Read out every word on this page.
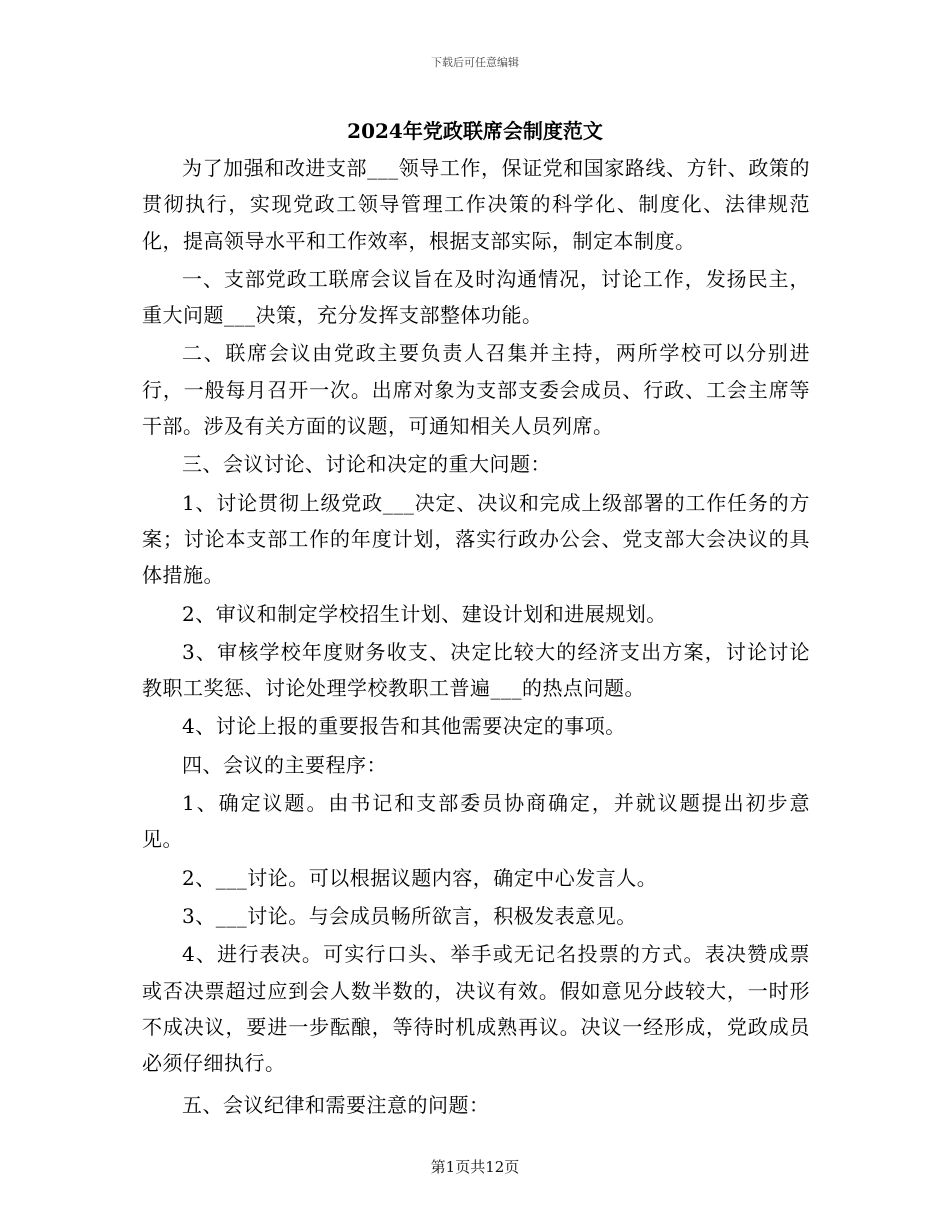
下载后可任意编辑
2024年党政联席会制度范文

为了加强和改进支部___领导工作，保证党和国家路线、方针、政策的贯彻执行，实现党政工领导管理工作决策的科学化、制度化、法律规范化，提高领导水平和工作效率，根据支部实际，制定本制度。

一、支部党政工联席会议旨在及时沟通情况，讨论工作，发扬民主，重大问题___决策，充分发挥支部整体功能。

二、联席会议由党政主要负责人召集并主持，两所学校可以分别进行，一般每月召开一次。出席对象为支部支委会成员、行政、工会主席等干部。涉及有关方面的议题，可通知相关人员列席。

三、会议讨论、讨论和决定的重大问题：

1、讨论贯彻上级党政___决定、决议和完成上级部署的工作任务的方案；讨论本支部工作的年度计划，落实行政办公会、党支部大会决议的具体措施。

2、审议和制定学校招生计划、建设计划和进展规划。

3、审核学校年度财务收支、决定比较大的经济支出方案，讨论讨论教职工奖惩、讨论处理学校教职工普遍___的热点问题。

4、讨论上报的重要报告和其他需要决定的事项。

四、会议的主要程序：

1、确定议题。由书记和支部委员协商确定，并就议题提出初步意见。

2、___讨论。可以根据议题内容，确定中心发言人。

3、___讨论。与会成员畅所欲言，积极发表意见。

4、进行表决。可实行口头、举手或无记名投票的方式。表决赞成票或否决票超过应到会人数半数的，决议有效。假如意见分歧较大，一时形不成决议，要进一步酝酿，等待时机成熟再议。决议一经形成，党政成员必须仔细执行。

五、会议纪律和需要注意的问题：

第1页共12页
